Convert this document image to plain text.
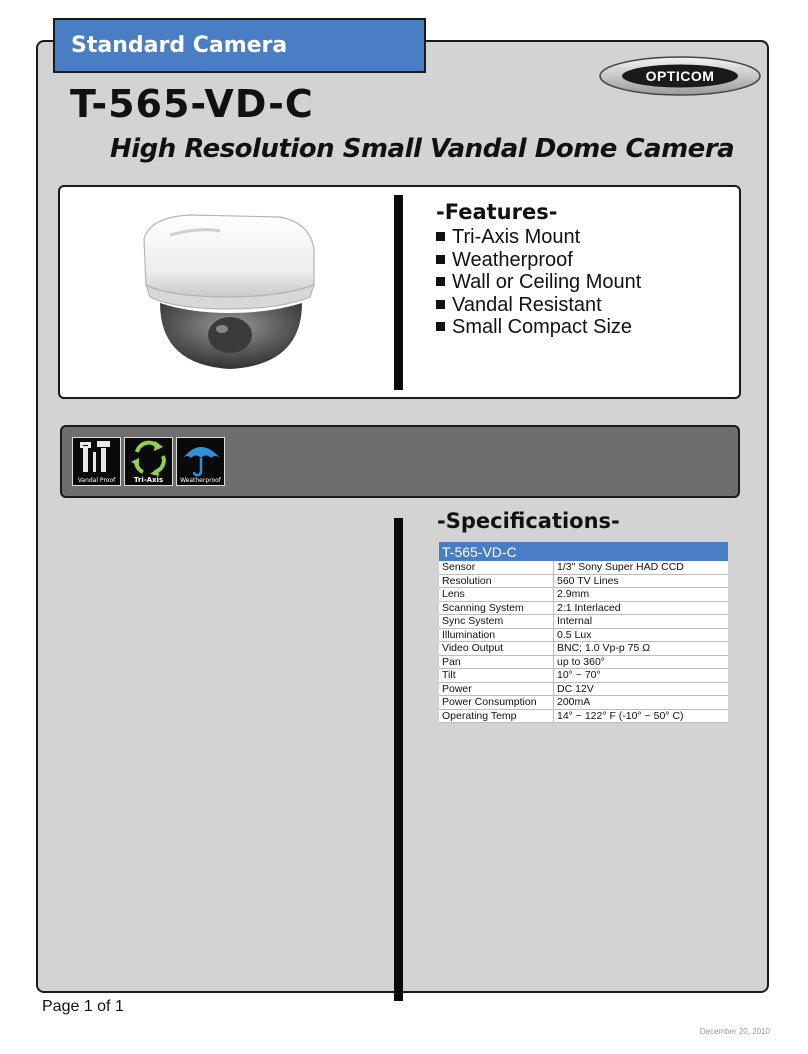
Standard Camera
OPTICOM
T-565-VD-C
High Resolution Small Vandal Dome Camera
-Features-
Tri-Axis Mount
Weatherproof
Wall or Ceiling Mount
Vandal Resistant
Small Compact Size
Vandal Proof	Tri-Axis	Weatherproof
-Specifications-
T-565-VD-C	
Sensor	1/3" Sony Super HAD CCD
Resolution	560 TV Lines
Lens	2.9mm
Scanning System	2:1 Interlaced
Sync System	Internal
Illumination	0.5 Lux
Video Output	BNC; 1.0 Vp-p 75 Ω
Pan	up to 360°
Tilt	10° ~ 70°
Power	DC 12V
Power Consumption	200mA
Operating Temp	14° ~ 122° F (-10° ~ 50° C)
Page 1 of 1
December 20, 2010
